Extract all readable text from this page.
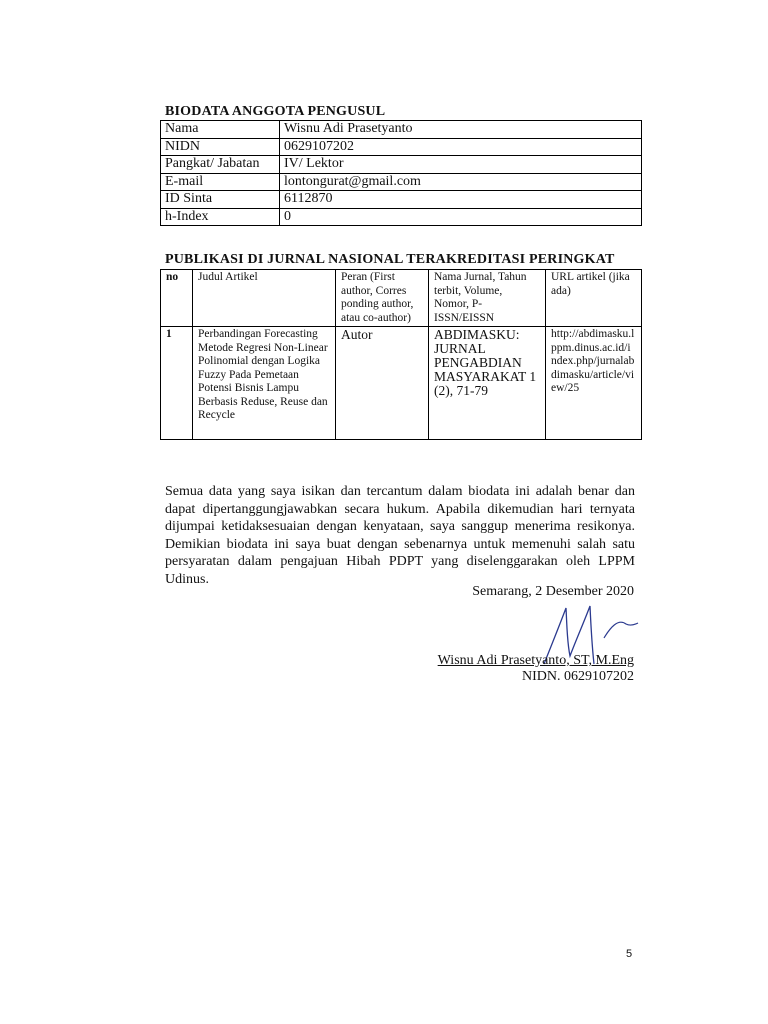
BIODATA ANGGOTA PENGUSUL
Nama	Wisnu Adi Prasetyanto
NIDN	0629107202
Pangkat/ Jabatan	IV/ Lektor
E-mail	lontongurat@gmail.com
ID Sinta	6112870
h-Index	0
PUBLIKASI DI JURNAL NASIONAL TERAKREDITASI PERINGKAT
no	Judul Artikel	Peran (First author, Corres ponding author, atau co-author)	Nama Jurnal, Tahun terbit, Volume, Nomor, P-ISSN/EISSN	URL artikel (jika ada)
1	Perbandingan Forecasting Metode Regresi Non-Linear Polinomial dengan Logika Fuzzy Pada Pemetaan Potensi Bisnis Lampu Berbasis Reduse, Reuse dan Recycle	Autor	ABDIMASKU: JURNAL PENGABDIAN MASYARAKAT 1 (2), 71-79	http://abdimasku.lppm.dinus.ac.id/index.php/jurnalabdimasku/article/view/25

Semua data yang saya isikan dan tercantum dalam biodata ini adalah benar dan dapat dipertanggungjawabkan secara hukum. Apabila dikemudian hari ternyata dijumpai ketidaksesuaian dengan kenyataan, saya sanggup menerima resikonya. Demikian biodata ini saya buat dengan sebenarnya untuk memenuhi salah satu persyaratan dalam pengajuan Hibah PDPT yang diselenggarakan oleh LPPM Udinus.

Semarang, 2 Desember 2020

Wisnu Adi Prasetyanto, ST, M.Eng

NIDN. 0629107202

5
